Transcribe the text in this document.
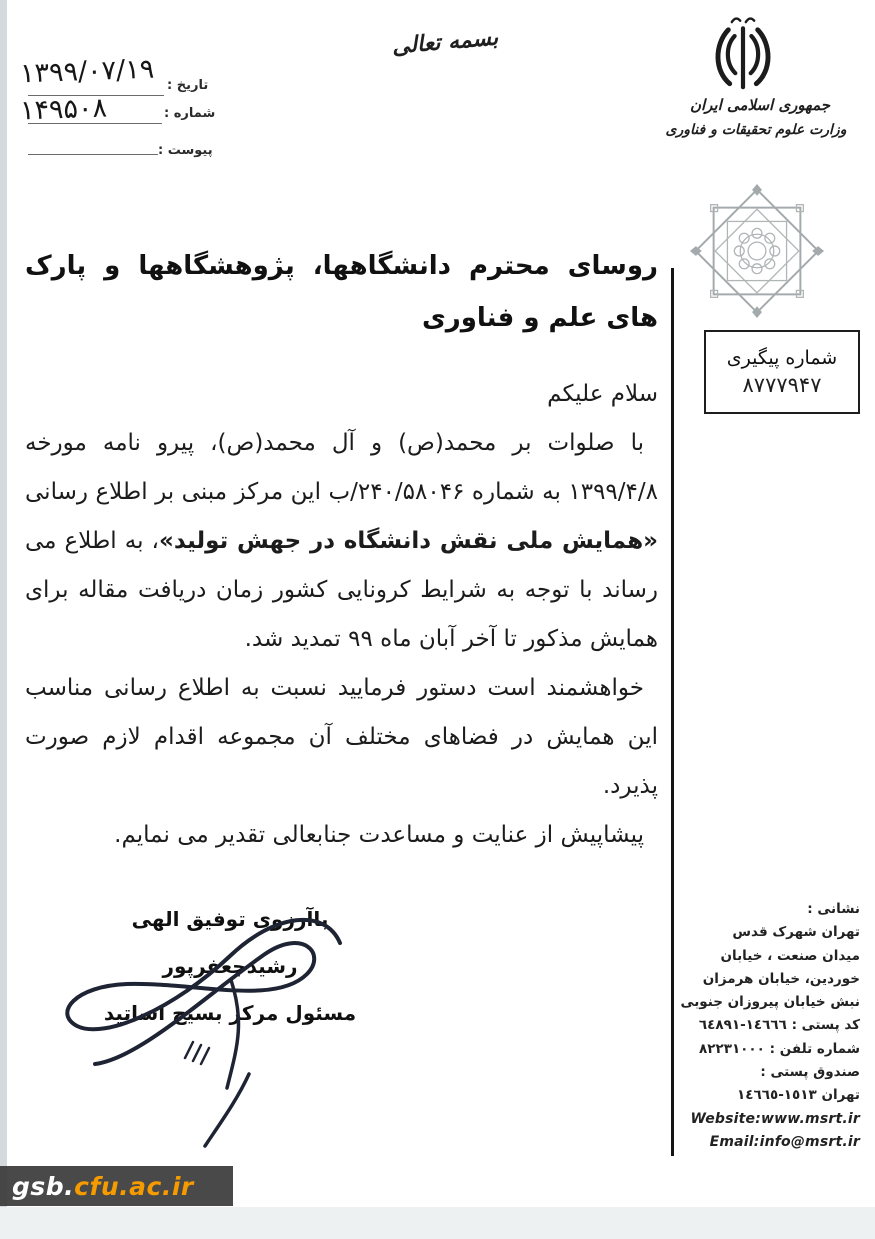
۱۳۹۹/۰۷/۱۹
۱۴۹۵۰۸
تاریخ :
شماره :
پیوست :
بسمه تعالی
جمهوری اسلامی ایران
وزارت علوم تحقیقات و فناوری
شماره پیگیری
۸۷۷۷۹۴۷
روسای محترم دانشگاهها، پژوهشگاهها و پارک های علم و فناوری

سلام علیکم

با صلوات بر محمد(ص) و آل محمد(ص)، پیرو نامه مورخه ۱۳۹۹/۴/۸ به شماره ۲۴۰/۵۸۰۴۶/ب این مرکز مبنی بر اطلاع رسانی «همایش ملی نقش دانشگاه در جهش تولید»، به اطلاع می رساند با توجه به شرایط کرونایی کشور زمان دریافت مقاله برای همایش مذکور تا آخر آبان ماه ۹۹ تمدید شد.

خواهشمند است دستور فرمایید نسبت به اطلاع رسانی مناسب این همایش در فضاهای مختلف آن مجموعه اقدام لازم صورت پذیرد.

پیشاپیش از عنایت و مساعدت جنابعالی تقدیر می نمایم.

باآرزوی توفیق الهی
رشیدجعفرپور
مسئول مرکز بسیج اساتید
نشانی :
تهران شهرک قدس
میدان صنعت ، خیابان
خوردین، خیابان هرمزان
نبش خیابان پیروزان جنوبی
کد پستی : ١٤٦٦٦-٦٤٨٩١
شماره تلفن : ٨٢٢٣١٠٠٠
صندوق پستی :
تهران ١٥١٣-١٤٦٦٥
Website:www.msrt.ir
Email:info@msrt.ir
gsb. cfu.ac.ir
